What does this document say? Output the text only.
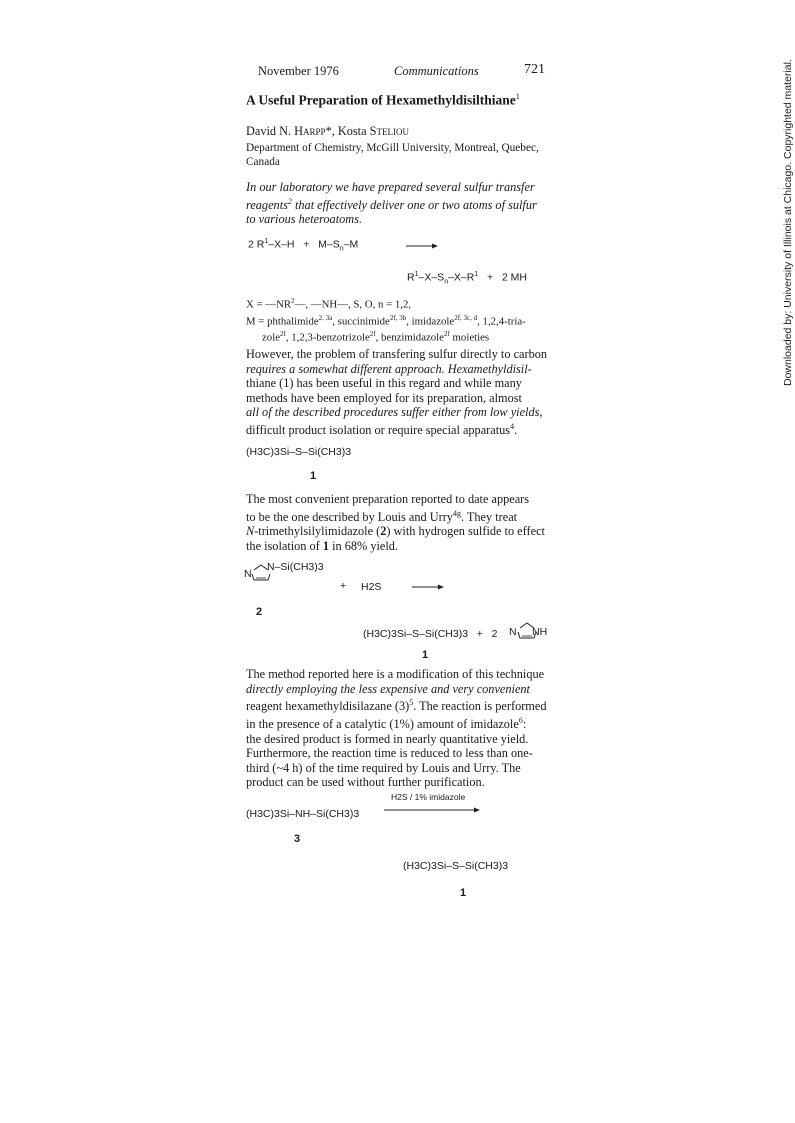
November 1976	Communications	721
A Useful Preparation of Hexamethyldisilthiane$^1$
David N. Harpp*, Kosta Steliou
Department of Chemistry, McGill University, Montreal, Quebec,
Canada

In our laboratory we have prepared several sulfur transfer

reagents$^2$ that effectively deliver one or two atoms of sulfur

to various heteroatoms.

2 $R^1-X-H + M-S_n-M$
$R^1-X-S_n-X-R^1 + 2$ MH
$X = —NR^2—$, —NH—, S, O, n = 1,2,
M = phthalimide$^{2, 3a}$, succinimide$^{2f, 3b}$, imidazole$^{2f, 3c, d}$, 1,2,4-tria-
zole$^{2f}$, 1,2,3-benzotrizole$^{2f}$, benzimidazole$^{2f}$ moieties

However, the problem of transfering sulfur directly to carbon

requires a somewhat different approach. Hexamethyldisil-

thiane (1) has been useful in this regard and while many

methods have been employed for its preparation, almost

all of the described procedures suffer either from low yields,

difficult product isolation or require special apparatus$^4$.

(H3C)3Si–S–Si(CH3)3
1

The most convenient preparation reported to date appears

to be the one described by Louis and Urry$^{4g}$. They treat

N-trimethylsilylimidazole (2) with hydrogen sulfide to effect

the isolation of 1 in 68% yield.

N
N–Si(CH3)3
+ H2S
2
(H3C)3Si–S–Si(CH3)3   +   2 N NH
1

The method reported here is a modification of this technique

directly employing the less expensive and very convenient

reagent hexamethyldisilazane $(3)^5$. The reaction is performed

in the presence of a catalytic (1%) amount of imidazole$^6$:

the desired product is formed in nearly quantitative yield.

Furthermore, the reaction time is reduced to less than one-

third (~4 h) of the time required by Louis and Urry. The

product can be used without further purification.

(H3C)3Si–NH–Si(CH3)3
H2S / 1% imidazole
3
(H3C)3Si–S–Si(CH3)3
1
Downloaded by: University of Illinois at Chicago. Copyrighted material.
